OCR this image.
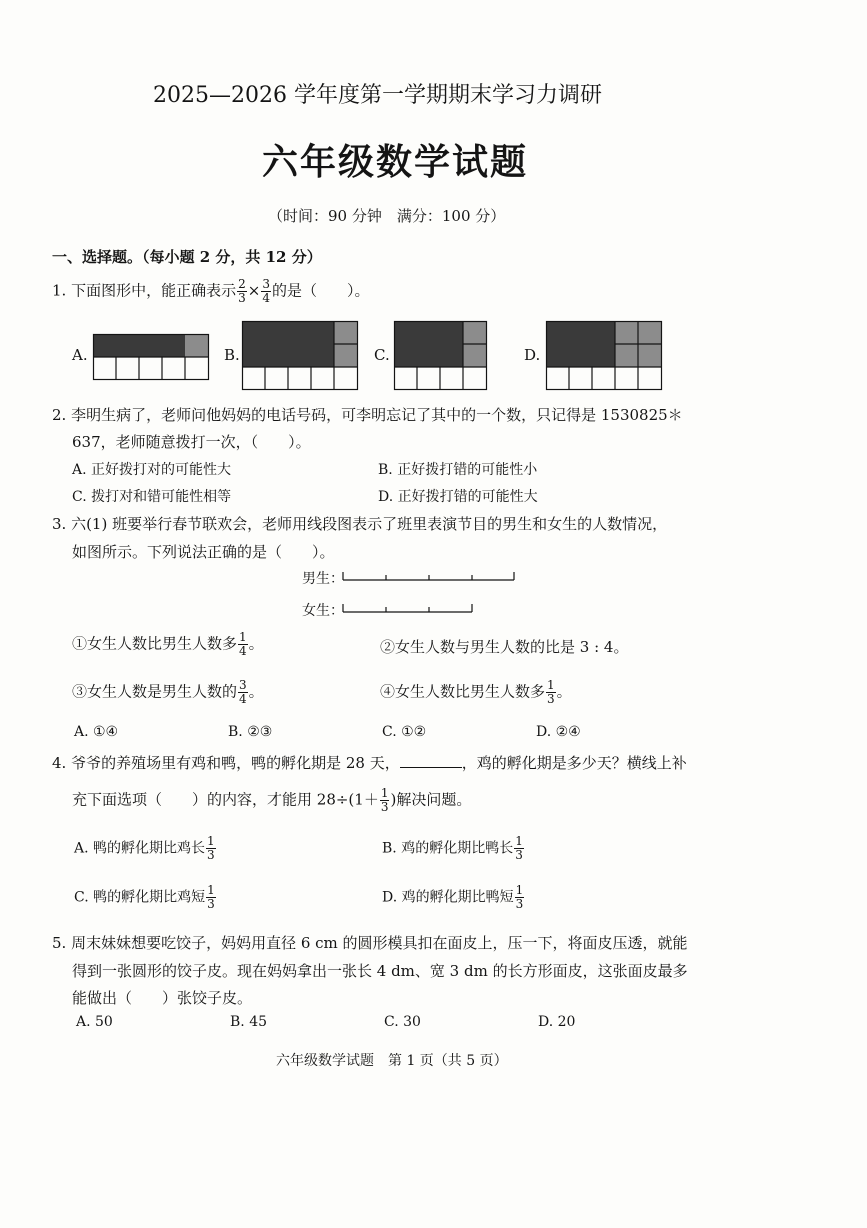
2025—2026 学年度第一学期期末学习力调研
六年级数学试题
（时间：90 分钟　满分：100 分）
一、选择题。（每小题 2 分，共 12 分）
1. 下面图形中，能正确表示 $\frac{2}{3} \times \frac{3}{4}$ 的是（　　）。
A.	B.	C.	D.
2. 李明生病了，老师问他妈妈的电话号码，可李明忘记了其中的一个数，只记得是 1530825＊
637，老师随意拨打一次，（　　）。
A. 正好拨打对的可能性大	B. 正好拨打错的可能性小
C. 拨打对和错可能性相等	D. 正好拨打错的可能性大
3. 六(1) 班要举行春节联欢会，老师用线段图表示了班里表演节目的男生和女生的人数情况，
如图所示。下列说法正确的是（　　）。
男生：
女生：
①女生人数比男生人数多 $\frac{1}{4}$ 。	②女生人数与男生人数的比是 3 : 4。
③女生人数是男生人数的 $\frac{3}{4}$ 。	④女生人数比男生人数多 $\frac{1}{3}$ 。
A. ①④	B. ②③	C. ①②	D. ②④
4. 爷爷的养殖场里有鸡和鸭，鸭的孵化期是 28 天，	，鸡的孵化期是多少天？横线上补
充下面选项（　　）的内容，才能用 $28\div(1+ \frac{1}{3}$ )解决问题。
A. 鸭的孵化期比鸡长 $\frac{1}{3}$	B. 鸡的孵化期比鸭长 $\frac{1}{3}$
C. 鸭的孵化期比鸡短 $\frac{1}{3}$	D. 鸡的孵化期比鸭短 $\frac{1}{3}$
5. 周末妹妹想要吃饺子，妈妈用直径 6 cm 的圆形模具扣在面皮上，压一下，将面皮压透，就能
得到一张圆形的饺子皮。现在妈妈拿出一张长 4 dm、宽 3 dm 的长方形面皮，这张面皮最多
能做出（　　）张饺子皮。
A. 50	B. 45	C. 30	D. 20
六年级数学试题　第 1 页（共 5 页）
